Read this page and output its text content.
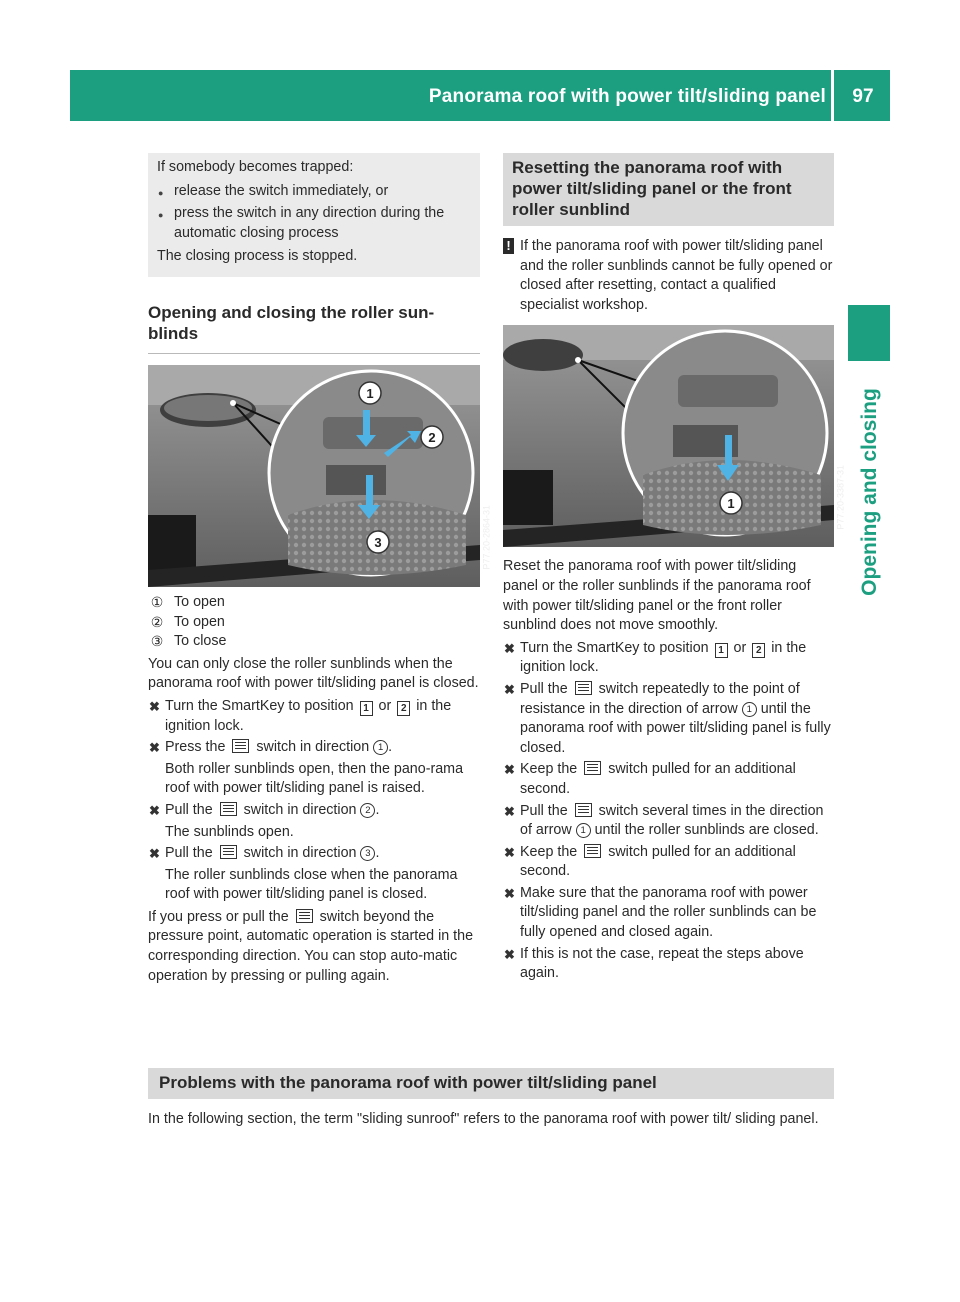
Panorama roof with power tilt/sliding panel	97
Opening and closing

If somebody becomes trapped:

● release the switch immediately, or
● press the switch in any direction during the automatic closing process

The closing process is stopped.

Opening and closing the roller sun-blinds
1
2
3	P77.20-2864-31

① To open

② To open

③ To close

You can only close the roller sunblinds when the panorama roof with power tilt/sliding panel is closed.

✖ Turn the SmartKey to position 1 or 2 in the ignition lock.
✖ Press the  switch in direction 1 .

Both roller sunblinds open, then the pano-rama roof with power tilt/sliding panel is raised.

✖ Pull the  switch in direction 2 .

The sunblinds open.

✖ Pull the  switch in direction 3 .

The roller sunblinds close when the panorama roof with power tilt/sliding panel is closed.

If you press or pull the  switch beyond the pressure point, automatic operation is started in the corresponding direction. You can stop auto-matic operation by pressing or pulling again.

Resetting the panorama roof with power tilt/sliding panel or the front roller sunblind
! If the panorama roof with power tilt/sliding panel and the roller sunblinds cannot be fully opened or closed after resetting, contact a qualified specialist workshop.
1	P77.20-3387-31

Reset the panorama roof with power tilt/sliding panel or the roller sunblinds if the panorama roof with power tilt/sliding panel or the front roller sunblind does not move smoothly.

✖ Turn the SmartKey to position 1 or 2 in the ignition lock.
✖ Pull the  switch repeatedly to the point of resistance in the direction of arrow 1 until the panorama roof with power tilt/sliding panel is fully closed.
✖ Keep the  switch pulled for an additional second.
✖ Pull the  switch several times in the direction of arrow 1 until the roller sunblinds are closed.
✖ Keep the  switch pulled for an additional second.
✖ Make sure that the panorama roof with power tilt/sliding panel and the roller sunblinds can be fully opened and closed again.
✖ If this is not the case, repeat the steps above again.
Problems with the panorama roof with power tilt/sliding panel

In the following section, the term "sliding sunroof" refers to the panorama roof with power tilt/ sliding panel.
